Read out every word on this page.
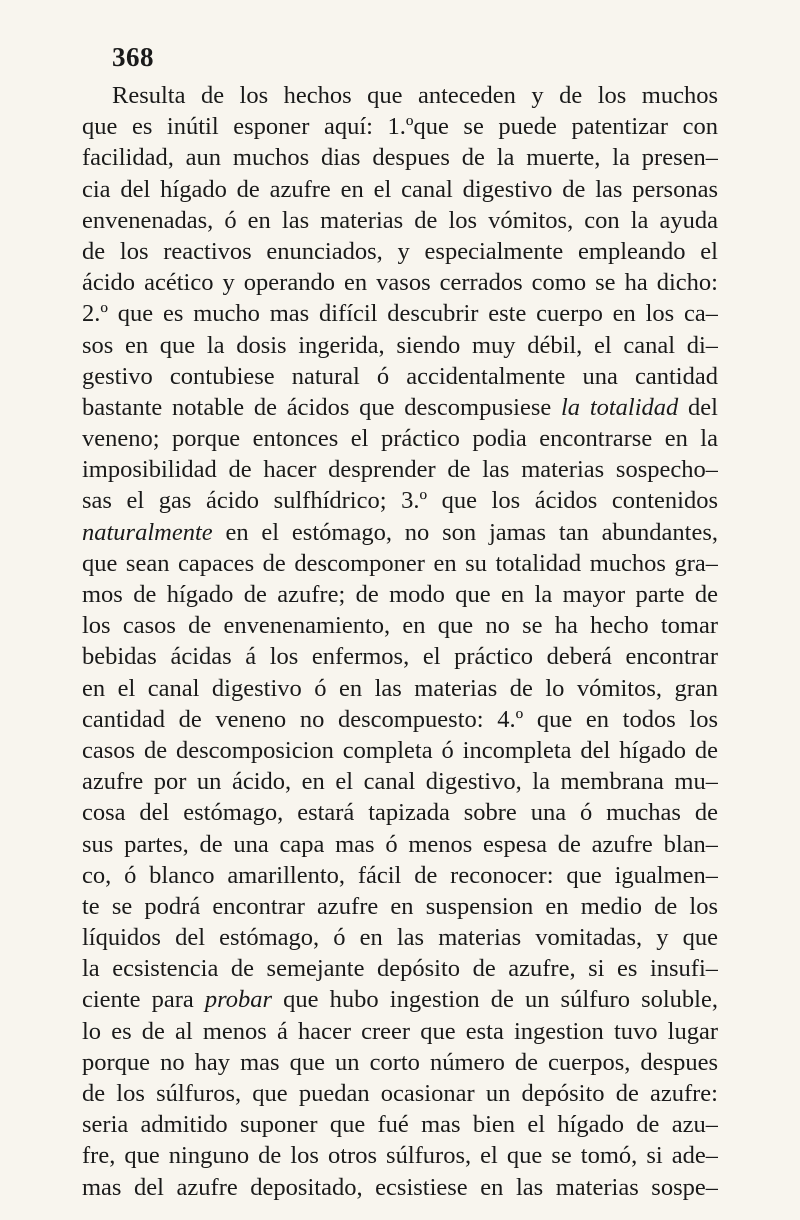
368
Resulta de los hechos que anteceden y de los muchos
que es inútil esponer aquí: 1.ºque se puede patentizar con
facilidad, aun muchos dias despues de la muerte, la presen–
cia del hígado de azufre en el canal digestivo de las personas
envenenadas, ó en las materias de los vómitos, con la ayuda
de los reactivos enunciados, y especialmente empleando el
ácido acético y operando en vasos cerrados como se ha dicho:
2.º que es mucho mas difícil descubrir este cuerpo en los ca–
sos en que la dosis ingerida, siendo muy débil, el canal di–
gestivo contubiese natural ó accidentalmente una cantidad
bastante notable de ácidos que descompusiese la totalidad del
veneno; porque entonces el práctico podia encontrarse en la
imposibilidad de hacer desprender de las materias sospecho–
sas el gas ácido sulfhídrico; 3.º que los ácidos contenidos
naturalmente en el estómago, no son jamas tan abundantes,
que sean capaces de descomponer en su totalidad muchos gra–
mos de hígado de azufre; de modo que en la mayor parte de
los casos de envenenamiento, en que no se ha hecho tomar
bebidas ácidas á los enfermos, el práctico deberá encontrar
en el canal digestivo ó en las materias de lo vómitos, gran
cantidad de veneno no descompuesto: 4.º que en todos los
casos de descomposicion completa ó incompleta del hígado de
azufre por un ácido, en el canal digestivo, la membrana mu–
cosa del estómago, estará tapizada sobre una ó muchas de
sus partes, de una capa mas ó menos espesa de azufre blan–
co, ó blanco amarillento, fácil de reconocer: que igualmen–
te se podrá encontrar azufre en suspension en medio de los
líquidos del estómago, ó en las materias vomitadas, y que
la ecsistencia de semejante depósito de azufre, si es insufi–
ciente para probar que hubo ingestion de un súlfuro soluble,
lo es de al menos á hacer creer que esta ingestion tuvo lugar
porque no hay mas que un corto número de cuerpos, despues
de los súlfuros, que puedan ocasionar un depósito de azufre:
seria admitido suponer que fué mas bien el hígado de azu–
fre, que ninguno de los otros súlfuros, el que se tomó, si ade–
mas del azufre depositado, ecsistiese en las materias sospe–
